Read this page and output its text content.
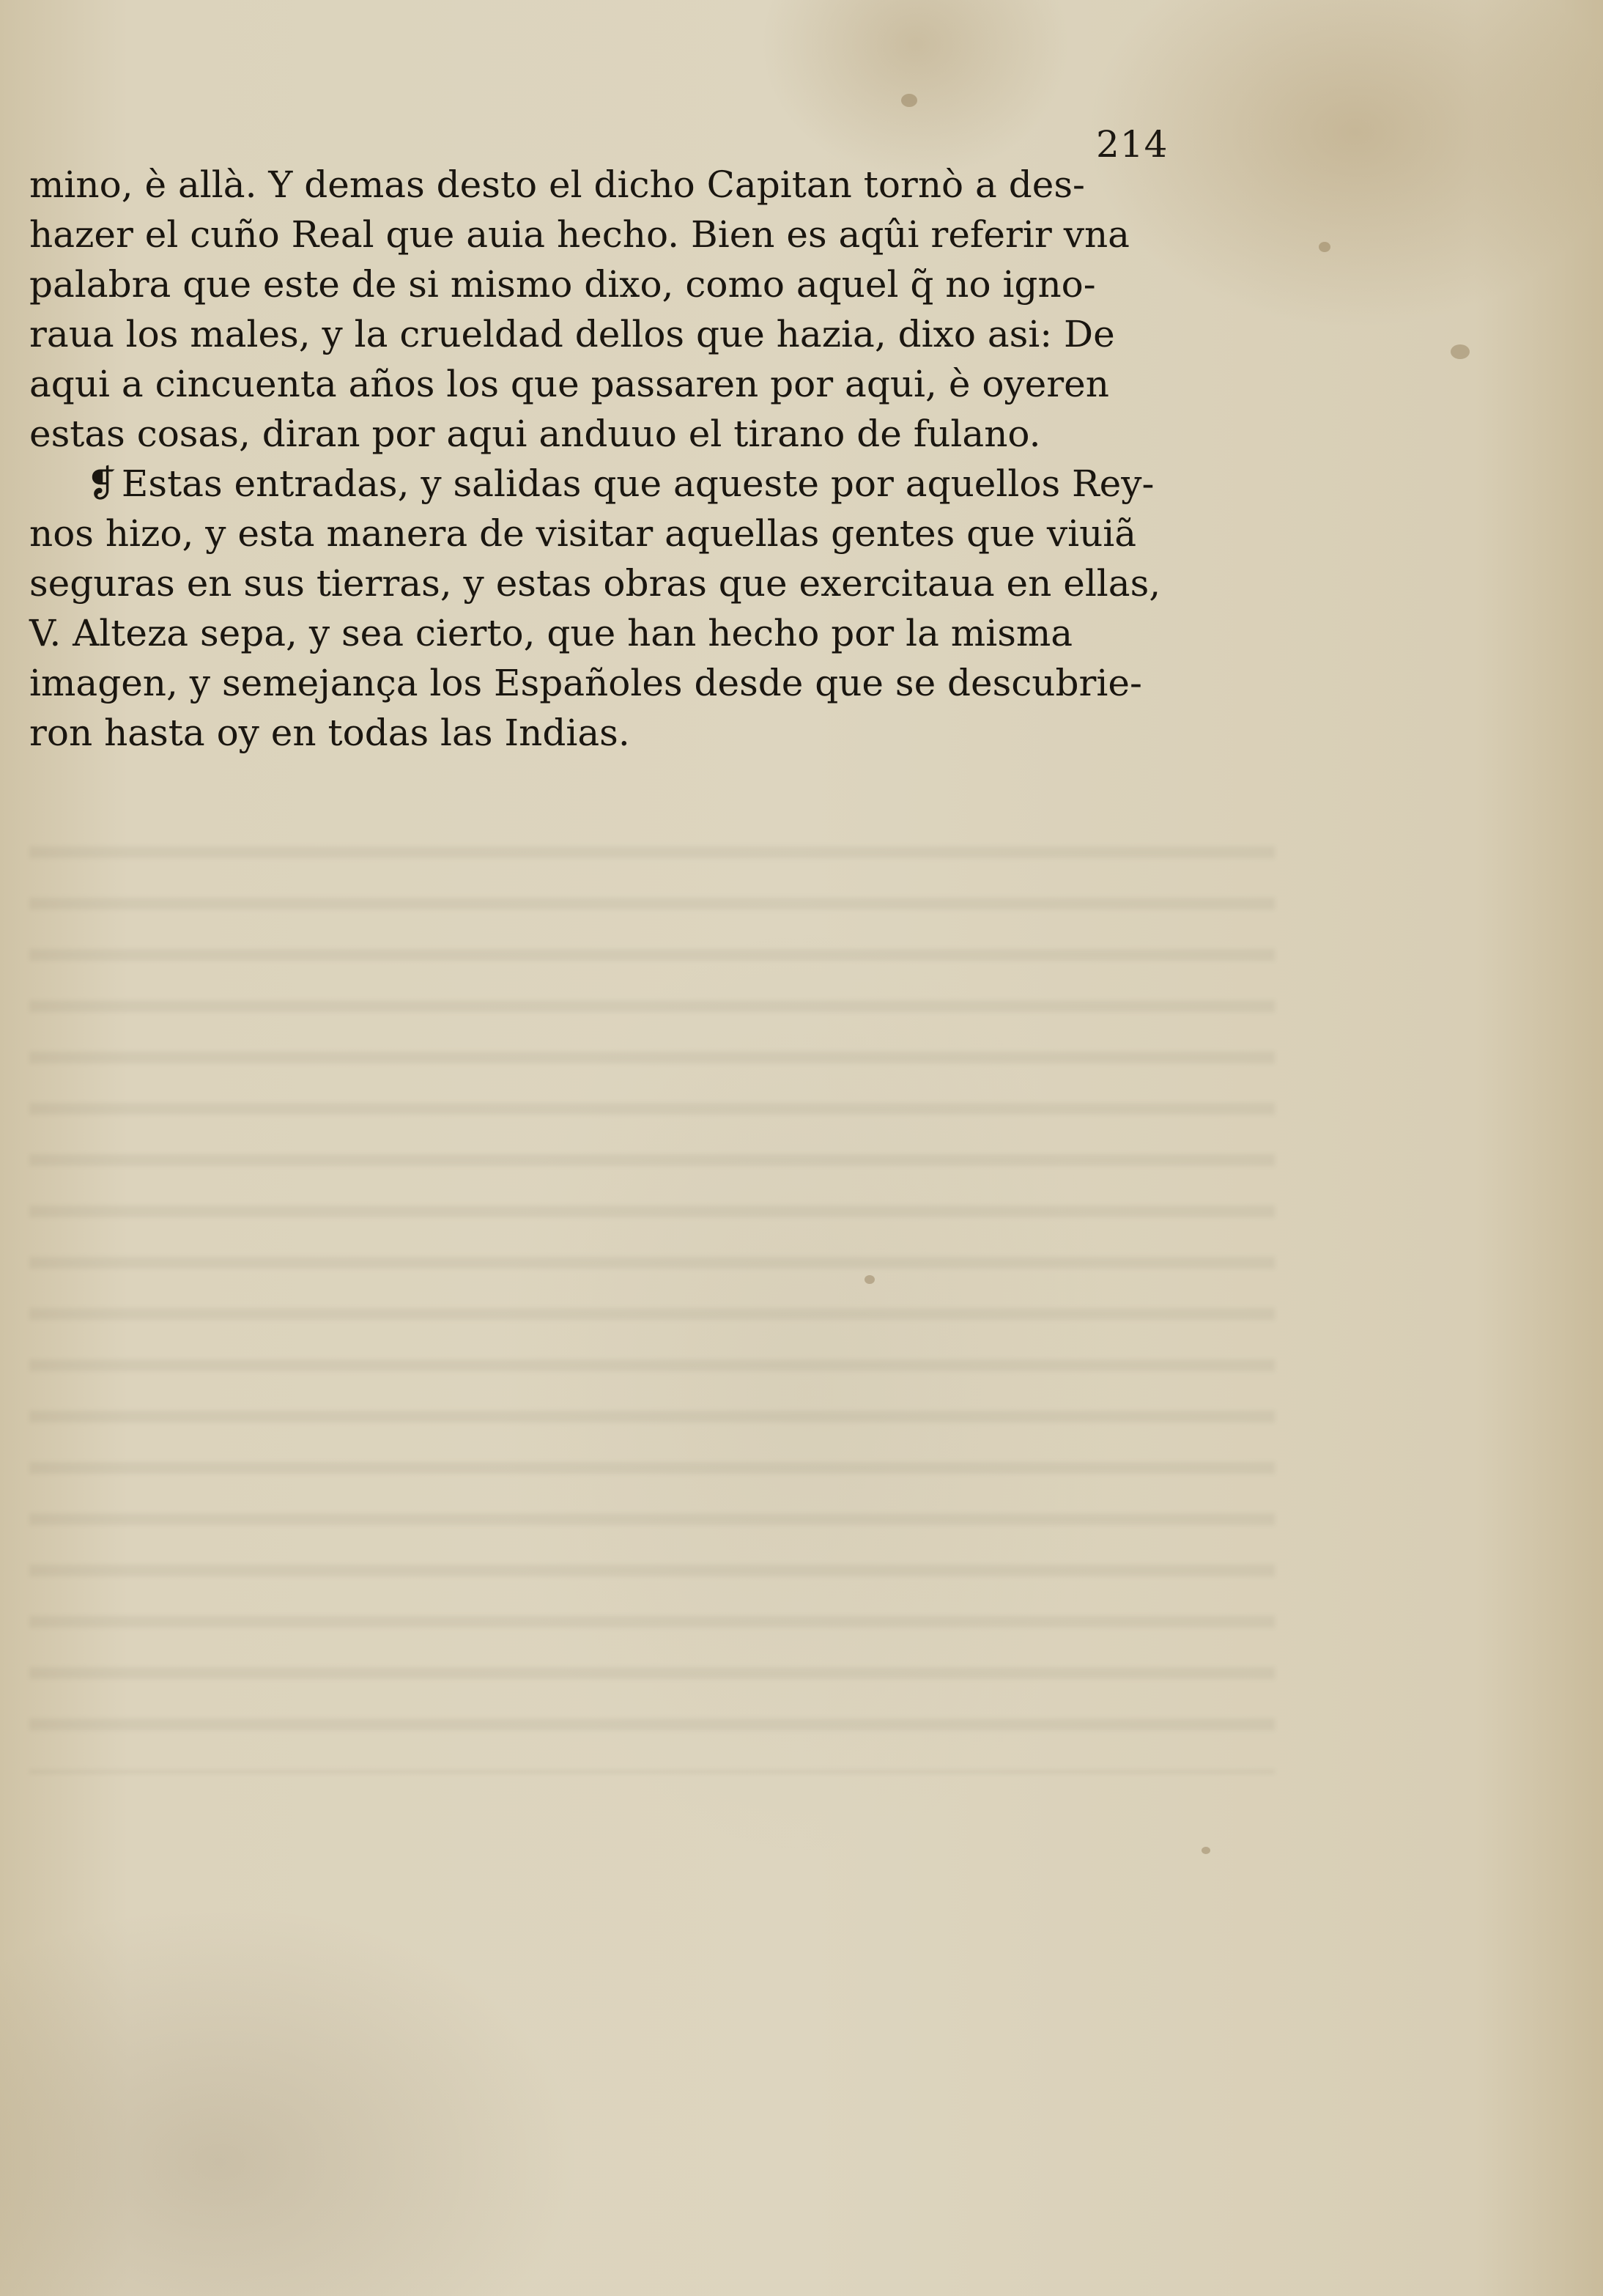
214
mino, è allà. Y demas desto el dicho Capitan tornò a des-
hazer el cuño Real que auia hecho. Bien es aqûi referir vna
palabra que este de si mismo dixo, como aquel q̃ no igno-
raua los males, y la crueldad dellos que hazia, dixo asi: De
aqui a cincuenta años los que passaren por aqui, è oyeren
estas cosas, diran por aqui anduuo el tirano de fulano.
❡ Estas entradas, y salidas que aqueste por aquellos Rey-
nos hizo, y esta manera de visitar aquellas gentes que viuiã
seguras en sus tierras, y estas obras que exercitaua en ellas,
V. Alteza sepa, y sea cierto, que han hecho por la misma
imagen, y semejança los Españoles desde que se descubrie-
ron hasta oy en todas las Indias.
